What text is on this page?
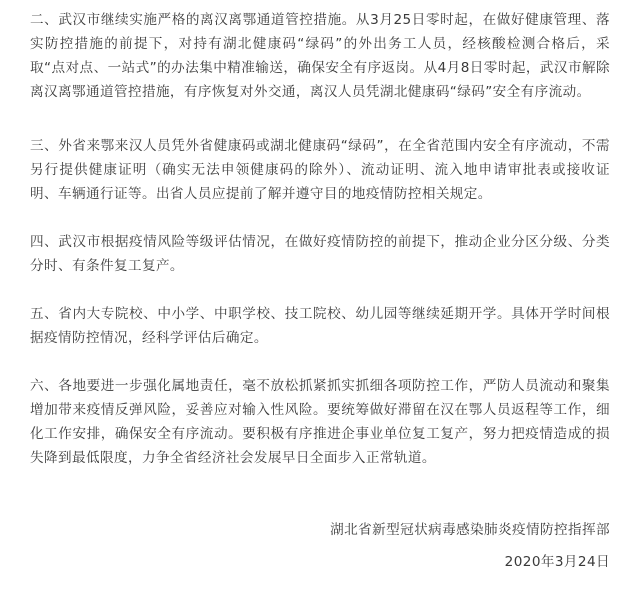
二、武汉市继续实施严格的离汉离鄂通道管控措施。从3月25日零时起，在做好健康管理、落实防控措施的前提下，对持有湖北健康码“绿码”的外出务工人员，经核酸检测合格后，采取“点对点、一站式”的办法集中精准输送，确保安全有序返岗。从4月8日零时起，武汉市解除离汉离鄂通道管控措施，有序恢复对外交通，离汉人员凭湖北健康码“绿码”安全有序流动。

三、外省来鄂来汉人员凭外省健康码或湖北健康码“绿码”，在全省范围内安全有序流动，不需另行提供健康证明（确实无法申领健康码的除外）、流动证明、流入地申请审批表或接收证明、车辆通行证等。出省人员应提前了解并遵守目的地疫情防控相关规定。

四、武汉市根据疫情风险等级评估情况，在做好疫情防控的前提下，推动企业分区分级、分类分时、有条件复工复产。

五、省内大专院校、中小学、中职学校、技工院校、幼儿园等继续延期开学。具体开学时间根据疫情防控情况，经科学评估后确定。

六、各地要进一步强化属地责任，毫不放松抓紧抓实抓细各项防控工作，严防人员流动和聚集增加带来疫情反弹风险，妥善应对输入性风险。要统筹做好滞留在汉在鄂人员返程等工作，细化工作安排，确保安全有序流动。要积极有序推进企事业单位复工复产，努力把疫情造成的损失降到最低限度，力争全省经济社会发展早日全面步入正常轨道。

湖北省新型冠状病毒感染肺炎疫情防控指挥部
2020年3月24日
